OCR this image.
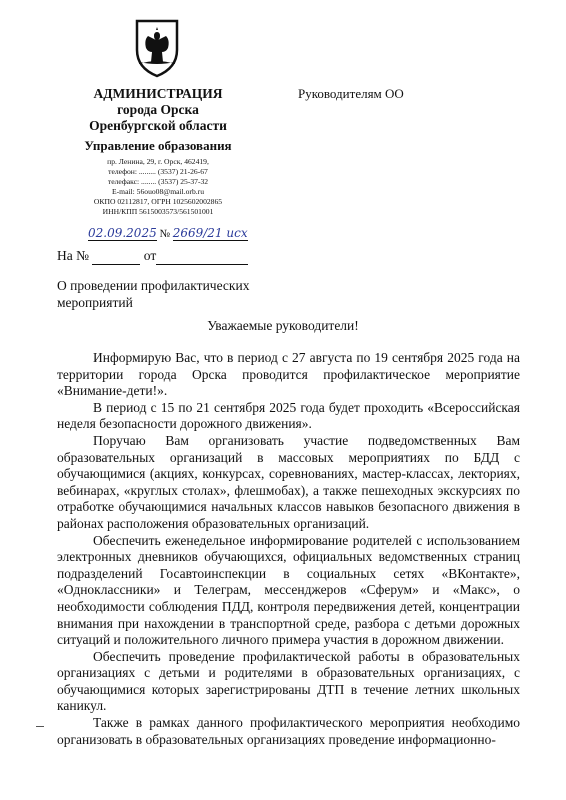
АДМИНИСТРАЦИЯ
города Орска
Оренбургской области
Управление образования
пр. Ленина, 29, г. Орск, 462419,
телефон: ......... (3537) 21-26-67
телефакс: ........ (3537) 25-37-32
E-mail: 56ouo08@mail.orb.ru
ОКПО 02112817, ОГРН 1025602002865
ИНН/КПП 5615003573/561501001
Руководителям ОО
02.09.2025 № 2669/21 исх
На №	от
О проведении профилактических
мероприятий
Уважаемые руководители!

Информирую Вас, что в период с 27 августа по 19 сентября 2025 года на территории города Орска проводится профилактическое мероприятие «Внимание-дети!».

В период с 15 по 21 сентября 2025 года будет проходить «Всероссийская неделя безопасности дорожного движения».

Поручаю Вам организовать участие подведомственных Вам образовательных организаций в массовых мероприятиях по БДД с обучающимися (акциях, конкурсах, соревнованиях, мастер-классах, лекториях, вебинарах, «круглых столах», флешмобах), а также пешеходных экскурсиях по отработке обучающимися начальных классов навыков безопасного движения в районах расположения образовательных организаций.

Обеспечить еженедельное информирование родителей с использованием электронных дневников обучающихся, официальных ведомственных страниц подразделений Госавтоинспекции в социальных сетях «ВКонтакте», «Одноклассники» и Телеграм, мессенджеров «Сферум» и «Макс», о необходимости соблюдения ПДД, контроля передвижения детей, концентрации внимания при нахождении в транспортной среде, разбора с детьми дорожных ситуаций и положительного личного примера участия в дорожном движении.

Обеспечить проведение профилактической работы в образовательных организациях с детьми и родителями в образовательных организациях, с обучающимися которых зарегистрированы ДТП в течение летних школьных каникул.

Также в рамках данного профилактического мероприятия необходимо организовать в образовательных организациях проведение информационно-
